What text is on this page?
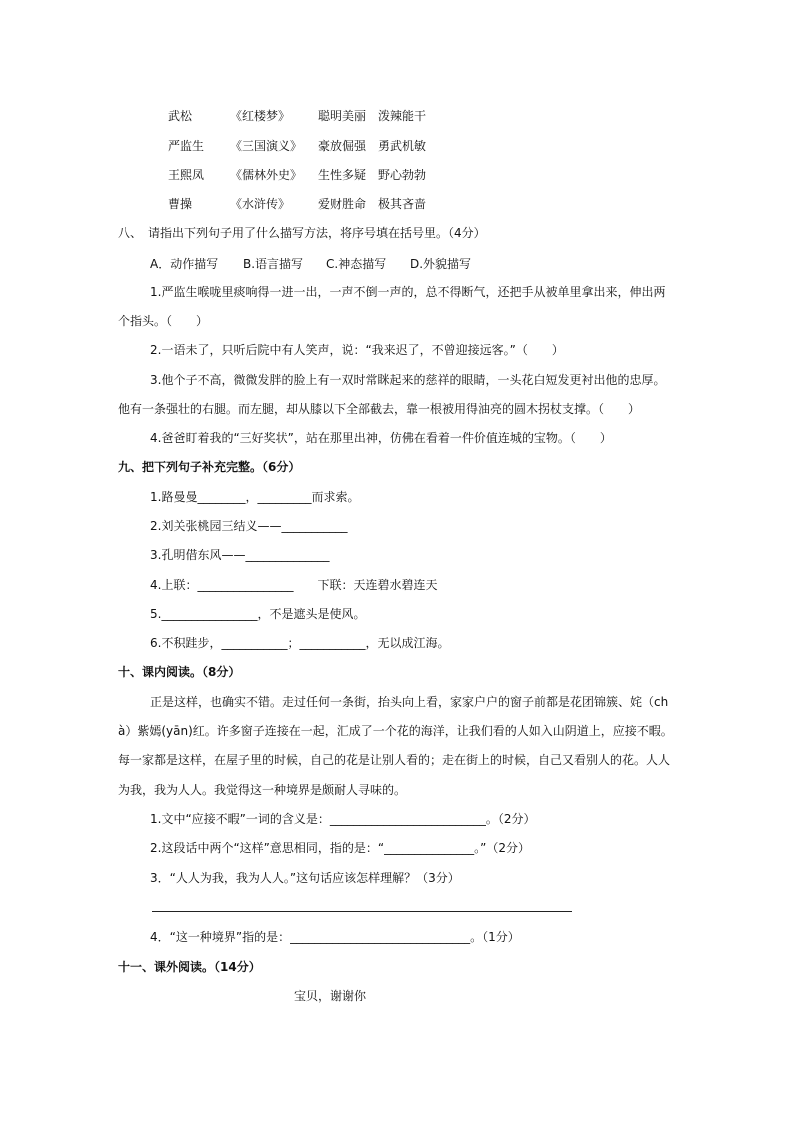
武松	《红楼梦》 聪明美丽　泼辣能干
严监生 《三国演义》 豪放倔强　勇武机敏
王熙凤 《儒林外史》 生性多疑　野心勃勃
曹操	《水浒传》 爱财胜命　极其吝啬
八、　请指出下列句子用了什么描写方法，将序号填在括号里。（4分）
A．动作描写 B.语言描写 C.神态描写 D.外貌描写
1.严监生喉咙里痰响得一进一出，一声不倒一声的，总不得断气，还把手从被单里拿出来，伸出两
个指头。（　　）
2.一语未了，只听后院中有人笑声，说：“我来迟了，不曾迎接远客。”（　　）
3.他个子不高，微微发胖的脸上有一双时常眯起来的慈祥的眼睛，一头花白短发更衬出他的忠厚。
他有一条强壮的右腿。而左腿，却从膝以下全部截去，靠一根被用得油亮的圆木拐杖支撑。（　　）
4.爸爸盯着我的“三好奖状”，站在那里出神，仿佛在看着一件价值连城的宝物。（　　）
九、把下列句子补充完整。（6分）
1.路曼曼________，_________而求索。
2.刘关张桃园三结义——___________
3.孔明借东风——______________
4.上联：________________　　下联：天连碧水碧连天
5.________________，不是遮头是使风。
6.不积跬步，___________；___________，无以成江海。
十、课内阅读。（8分）
正是这样，也确实不错。走过任何一条街，抬头向上看，家家户户的窗子前都是花团锦簇、姹（ch
à）紫嫣(yān)红。许多窗子连接在一起，汇成了一个花的海洋，让我们看的人如入山阴道上，应接不暇。
每一家都是这样，在屋子里的时候，自己的花是让别人看的；走在街上的时候，自己又看别人的花。人人
为我，我为人人。我觉得这一种境界是颇耐人寻味的。
1.文中“应接不暇”一词的含义是：__________________________。（2分）
2.这段话中两个“这样”意思相同，指的是：“_______________。”（2分）
3．“人人为我，我为人人。”这句话应该怎样理解？（3分）
4．“这一种境界”指的是：______________________________。（1分）
十一、课外阅读。（14分）
宝贝，谢谢你
